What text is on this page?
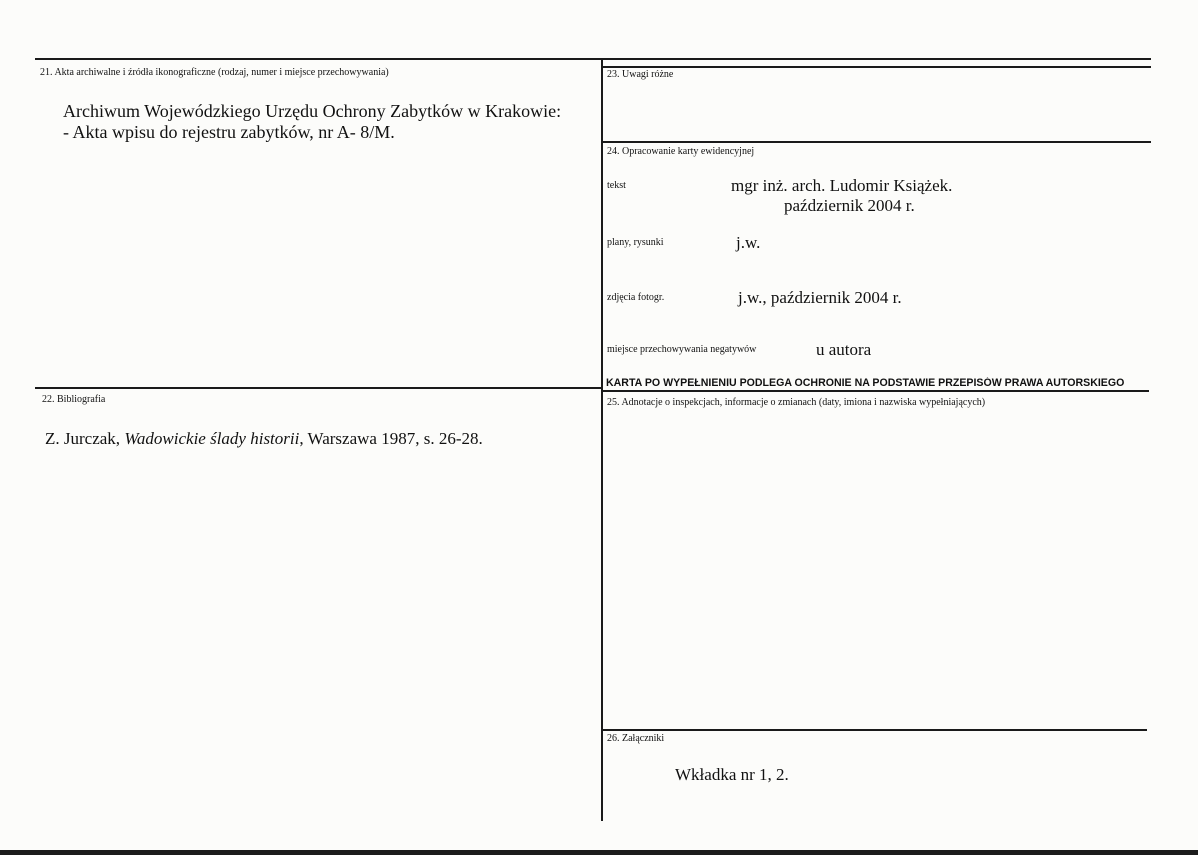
21. Akta archiwalne i źródła ikonograficzne (rodzaj, numer i miejsce przechowywania)
Archiwum Wojewódzkiego Urzędu Ochrony Zabytków w Krakowie:
- Akta wpisu do rejestru zabytków, nr A- 8/M.
22. Bibliografia
Z. Jurczak, Wadowickie ślady historii, Warszawa 1987, s. 26-28.
23. Uwagi różne
24. Opracowanie karty ewidencyjnej
tekst	mgr inż. arch. Ludomir Książek.
październik 2004 r.
plany, rysunki	j.w.
zdjęcia fotogr.	j.w., październik 2004 r.
miejsce przechowywania negatywów	u autora
KARTA PO WYPEŁNIENIU PODLEGA OCHRONIE NA PODSTAWIE PRZEPISÓW PRAWA AUTORSKIEGO
25. Adnotacje o inspekcjach, informacje o zmianach (daty, imiona i nazwiska wypełniających)
26. Załączniki
Wkładka nr 1, 2.
